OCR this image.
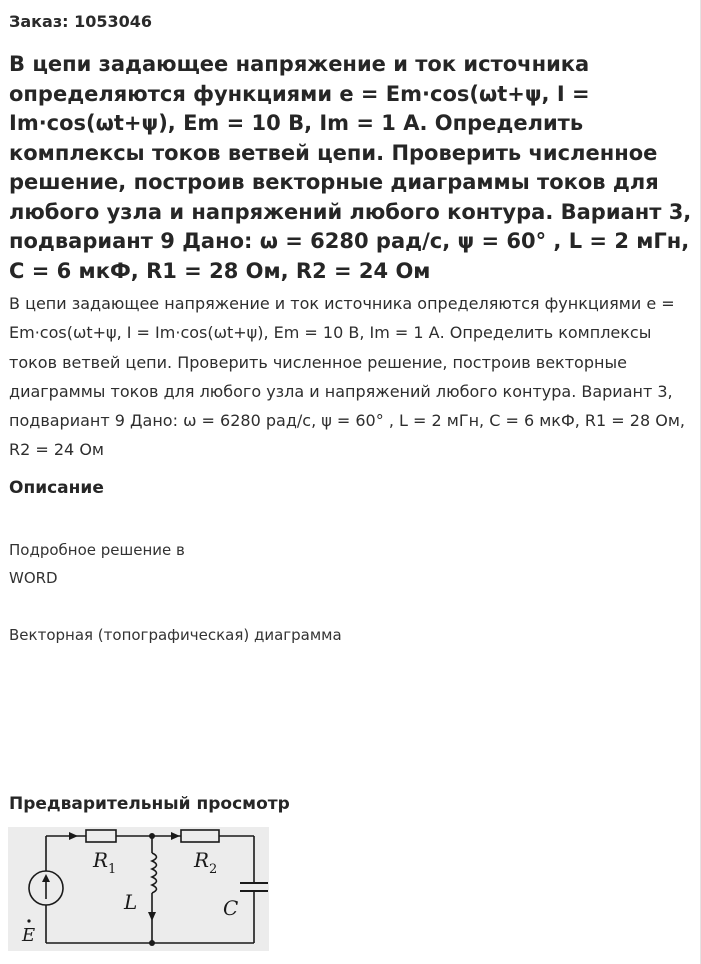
Заказ: 1053046
В цепи задающее напряжение и ток источника определяются функциями e = Em·cos(ωt+ψ, I = Im·cos(ωt+ψ), Em = 10 В, Im = 1 А. Определить комплексы токов ветвей цепи. Проверить численное решение, построив векторные диаграммы токов для любого узла и напряжений любого контура. Вариант 3, подвариант 9 Дано: ω = 6280 рад/с, ψ = 60° , L = 2 мГн, С = 6 мкФ, R1 = 28 Ом, R2 = 24 Ом

В цепи задающее напряжение и ток источника определяются функциями e = Em·cos(ωt+ψ, I = Im·cos(ωt+ψ), Em = 10 В, Im = 1 А. Определить комплексы токов ветвей цепи. Проверить численное решение, построив векторные диаграммы токов для любого узла и напряжений любого контура. Вариант 3, подвариант 9 Дано: ω = 6280 рад/с, ψ = 60° , L = 2 мГн, С = 6 мкФ, R1 = 28 Ом, R2 = 24 Ом

Описание
Подробное решение в
WORD
Векторная (топографическая) диаграмма
Предварительный просмотр
R 1	R 2
L	C
E
